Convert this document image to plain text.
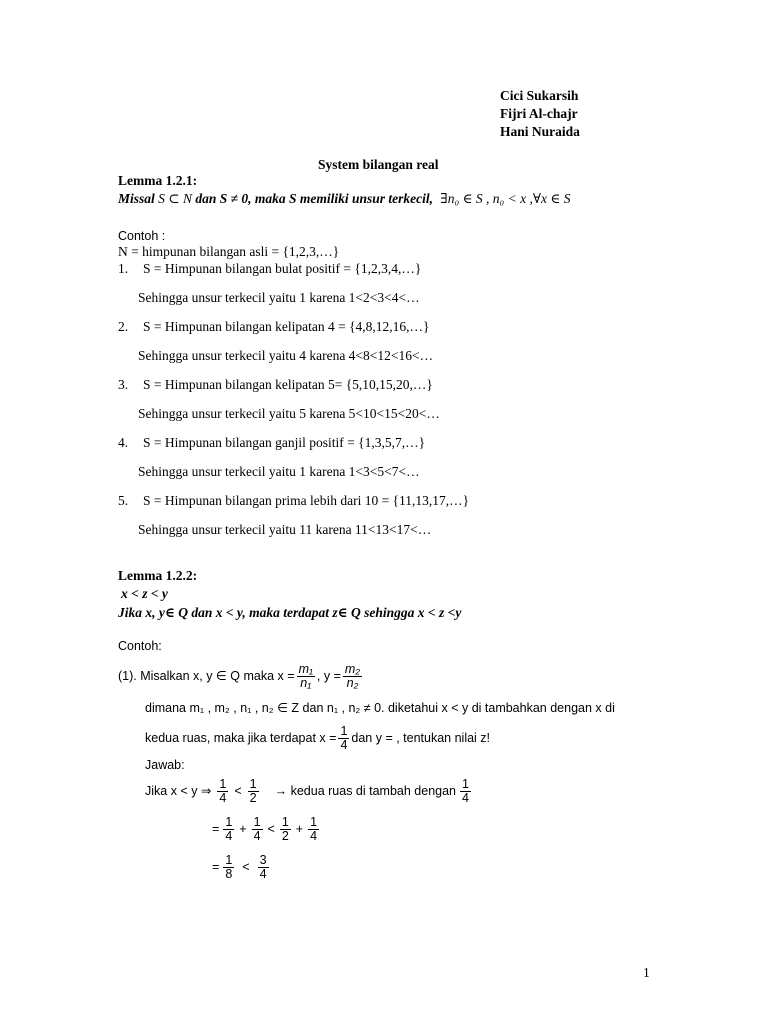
Cici Sukarsih
Fijri Al-chajr
Hani Nuraida
System bilangan real
Lemma 1.2.1:
Missal S ⊂ N dan S ≠ 0, maka S memiliki unsur terkecil, ∃n₀ ∈ S , n₀ < x ,∀x ∈ S
Contoh :
N = himpunan bilangan asli = {1,2,3,…}
1. S = Himpunan bilangan bulat positif = {1,2,3,4,…}
Sehingga unsur terkecil yaitu 1 karena 1<2<3<4<…
2. S = Himpunan bilangan kelipatan 4 = {4,8,12,16,…}
Sehingga unsur terkecil yaitu 4 karena 4<8<12<16<…
3. S = Himpunan bilangan kelipatan 5= {5,10,15,20,…}
Sehingga unsur terkecil yaitu 5 karena 5<10<15<20<…
4. S = Himpunan bilangan ganjil positif = {1,3,5,7,…}
Sehingga unsur terkecil yaitu 1 karena 1<3<5<7<…
5. S = Himpunan bilangan prima lebih dari 10 = {11,13,17,…}
Sehingga unsur terkecil yaitu 11 karena 11<13<17<…
Lemma 1.2.2:
x < z < y
Jika x, y∈ Q dan x < y, maka terdapat z∈ Q sehingga x < z <y
Contoh:
(1). Misalkan x, y ∈ Q maka $x = \frac{\text{m₁}}{\text{n₁}}$ , $y = \frac{\text{m₂}}{\text{n₂}}$
dimana m₁ , m₂ , n₁ , n₂ ∈ Z dan n₁ , n₂ ≠ 0. diketahui x < y di tambahkan dengan x di
kedua ruas, maka jika terdapat $x = \frac{1}{4}$ dan y = , tentukan nilai z!
Jawab:
Jika x < y ⇒ $\frac{1}{4} < \frac{1}{2}$ → kedua ruas di tambah dengan $\frac{1}{4}$
= $\frac{1}{4} + \frac{1}{4} < \frac{1}{2} + \frac{1}{4}$
= $\frac{1}{8} < \frac{3}{4}$
1
